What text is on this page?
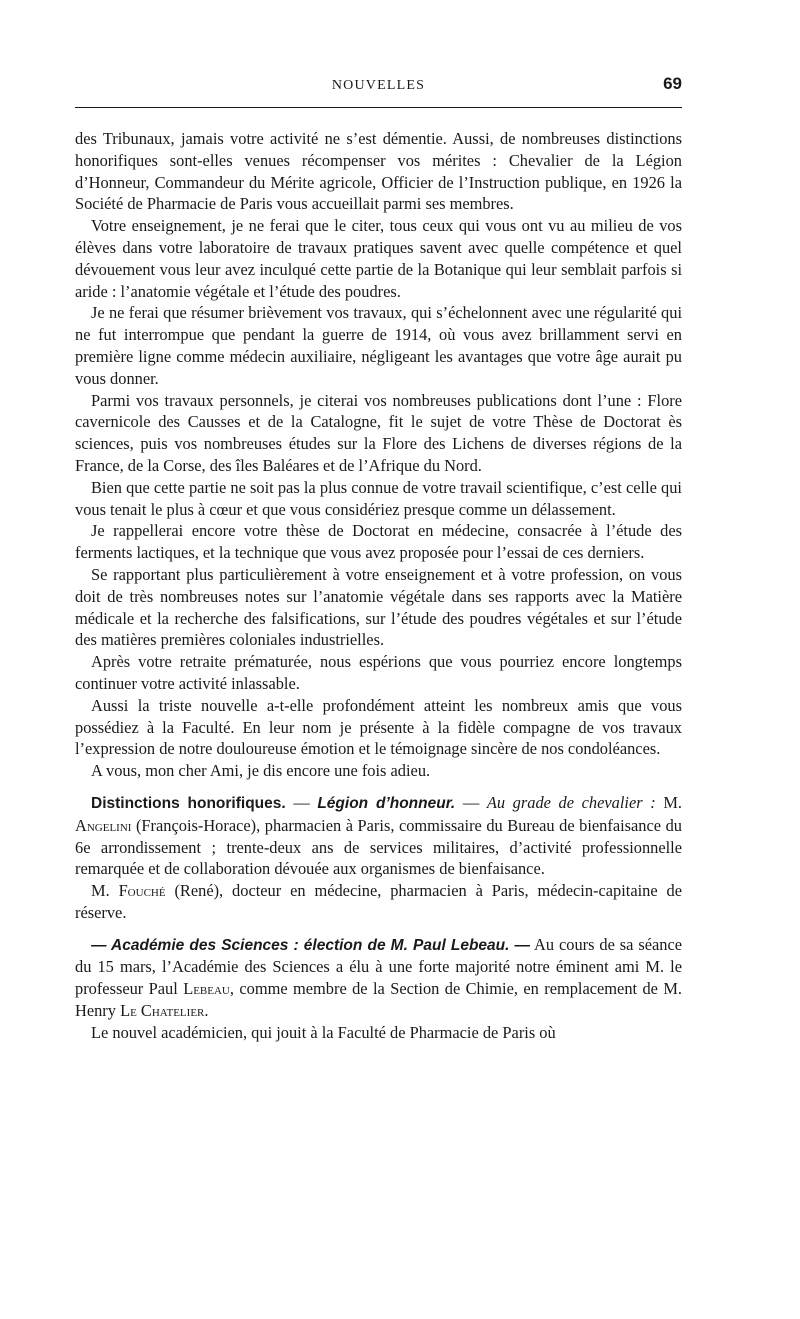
NOUVELLES	69

des Tribunaux, jamais votre activité ne s’est démentie. Aussi, de nombreuses distinctions honorifiques sont-elles venues récompenser vos mérites : Chevalier de la Légion d’Honneur, Commandeur du Mérite agricole, Officier de l’Instruction publique, en 1926 la Société de Pharmacie de Paris vous accueillait parmi ses membres.

Votre enseignement, je ne ferai que le citer, tous ceux qui vous ont vu au milieu de vos élèves dans votre laboratoire de travaux pratiques savent avec quelle compétence et quel dévouement vous leur avez inculqué cette partie de la Botanique qui leur semblait parfois si aride : l’anatomie végétale et l’étude des poudres.

Je ne ferai que résumer brièvement vos travaux, qui s’échelonnent avec une régularité qui ne fut interrompue que pendant la guerre de 1914, où vous avez brillamment servi en première ligne comme médecin auxiliaire, négligeant les avantages que votre âge aurait pu vous donner.

Parmi vos travaux personnels, je citerai vos nombreuses publications dont l’une : Flore cavernicole des Causses et de la Catalogne, fit le sujet de votre Thèse de Doctorat ès sciences, puis vos nombreuses études sur la Flore des Lichens de diverses régions de la France, de la Corse, des îles Baléares et de l’Afrique du Nord.

Bien que cette partie ne soit pas la plus connue de votre travail scientifique, c’est celle qui vous tenait le plus à cœur et que vous considériez presque comme un délassement.

Je rappellerai encore votre thèse de Doctorat en médecine, consacrée à l’étude des ferments lactiques, et la technique que vous avez proposée pour l’essai de ces derniers.

Se rapportant plus particulièrement à votre enseignement et à votre profession, on vous doit de très nombreuses notes sur l’anatomie végétale dans ses rapports avec la Matière médicale et la recherche des falsifications, sur l’étude des poudres végétales et sur l’étude des matières premières coloniales industrielles.

Après votre retraite prématurée, nous espérions que vous pourriez encore longtemps continuer votre activité inlassable.

Aussi la triste nouvelle a-t-elle profondément atteint les nombreux amis que vous possédiez à la Faculté. En leur nom je présente à la fidèle compagne de vos travaux l’expression de notre douloureuse émotion et le témoignage sincère de nos condoléances.

A vous, mon cher Ami, je dis encore une fois adieu.

Distinctions honorifiques. — Légion d’honneur. — Au grade de chevalier : M. Angelini (François-Horace), pharmacien à Paris, commissaire du Bureau de bienfaisance du 6e arrondissement ; trente-deux ans de services militaires, d’activité professionnelle remarquée et de collaboration dévouée aux organismes de bienfaisance.

M. Fouché (René), docteur en médecine, pharmacien à Paris, médecin-capitaine de réserve.

— Académie des Sciences : élection de M. Paul Lebeau. — Au cours de sa séance du 15 mars, l’Académie des Sciences a élu à une forte majorité notre éminent ami M. le professeur Paul Lebeau, comme membre de la Section de Chimie, en remplacement de M. Henry Le Chatelier.

Le nouvel académicien, qui jouit à la Faculté de Pharmacie de Paris où
